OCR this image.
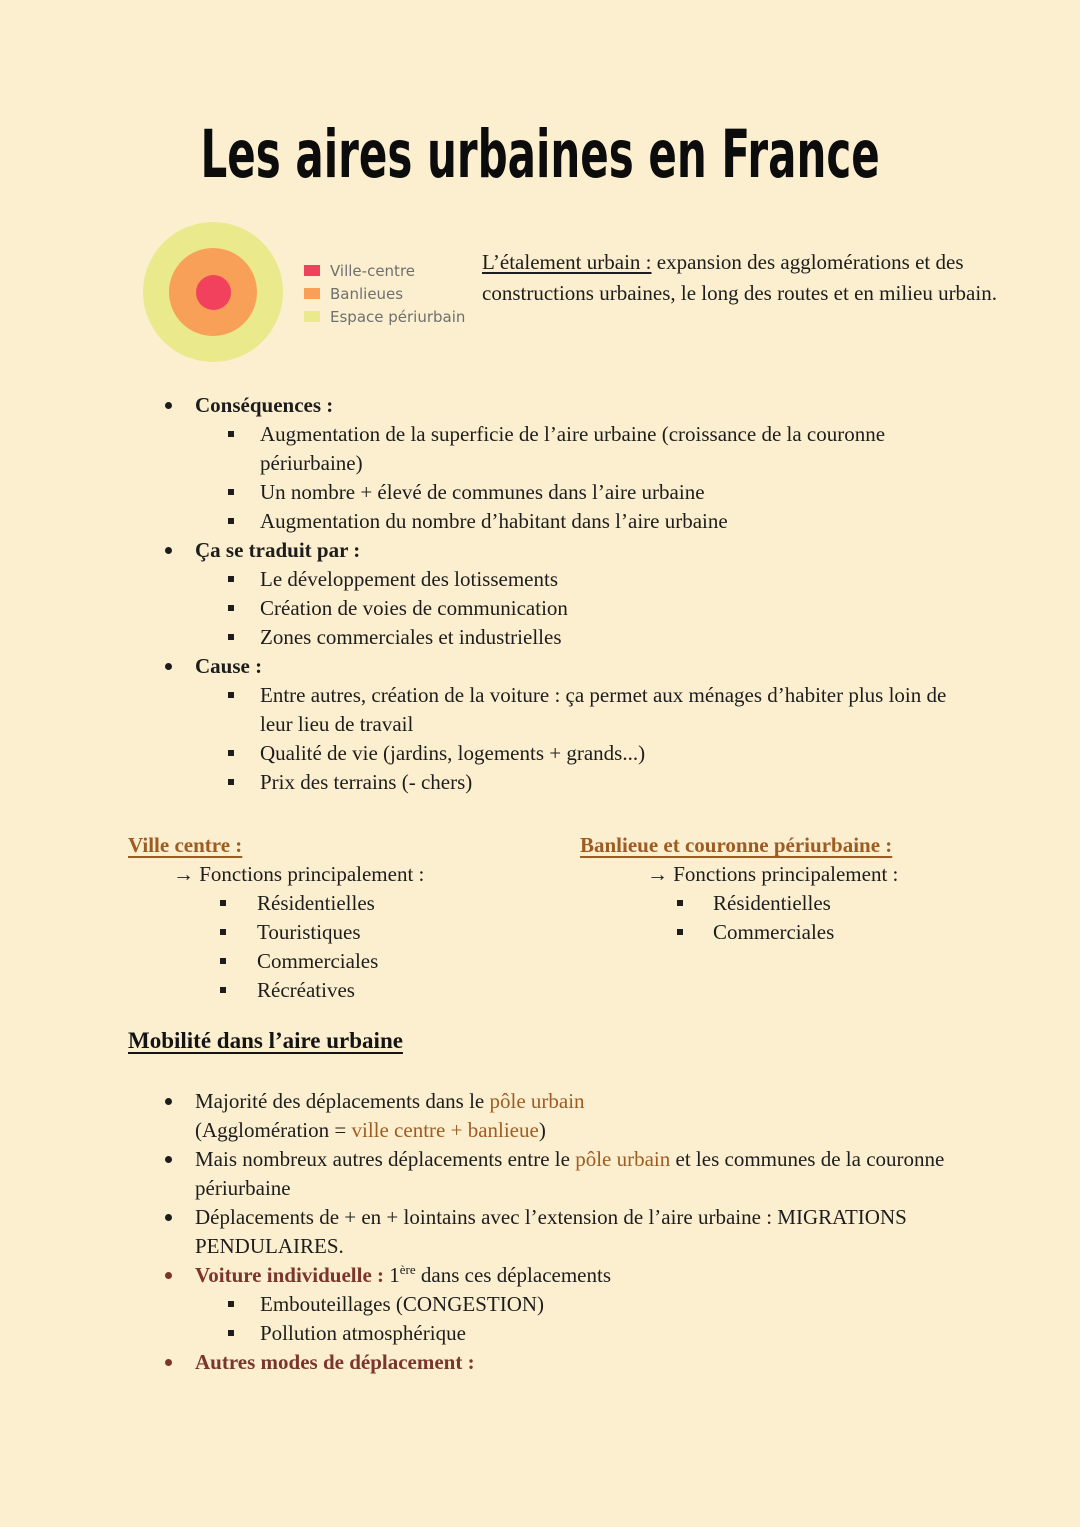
Les aires urbaines en France
Ville-centre
Banlieues
Espace périurbain
L’étalement urbain : expansion des agglomérations et des constructions urbaines, le long des routes et en milieu urbain.
Conséquences :
Augmentation de la superficie de l’aire urbaine (croissance de la couronne périurbaine)
Un nombre + élevé de communes dans l’aire urbaine
Augmentation du nombre d’habitant dans l’aire urbaine
Ça se traduit par :
Le développement des lotissements
Création de voies de communication
Zones commerciales et industrielles
Cause :
Entre autres, création de la voiture : ça permet aux ménages d’habiter plus loin de leur lieu de travail
Qualité de vie (jardins, logements + grands...)
Prix des terrains (- chers)
Ville centre :
→ Fonctions principalement :
Résidentielles
Touristiques
Commerciales
Récréatives
Banlieue et couronne périurbaine :
→ Fonctions principalement :
Résidentielles
Commerciales
Mobilité dans l’aire urbaine
Majorité des déplacements dans le pôle urbain
(Agglomération = ville centre + banlieue)
Mais nombreux autres déplacements entre le pôle urbain et les communes de la couronne périurbaine
Déplacements de + en + lointains avec l’extension de l’aire urbaine : MIGRATIONS PENDULAIRES.
Voiture individuelle : 1ère dans ces déplacements
Embouteillages (CONGESTION)
Pollution atmosphérique
Autres modes de déplacement :
